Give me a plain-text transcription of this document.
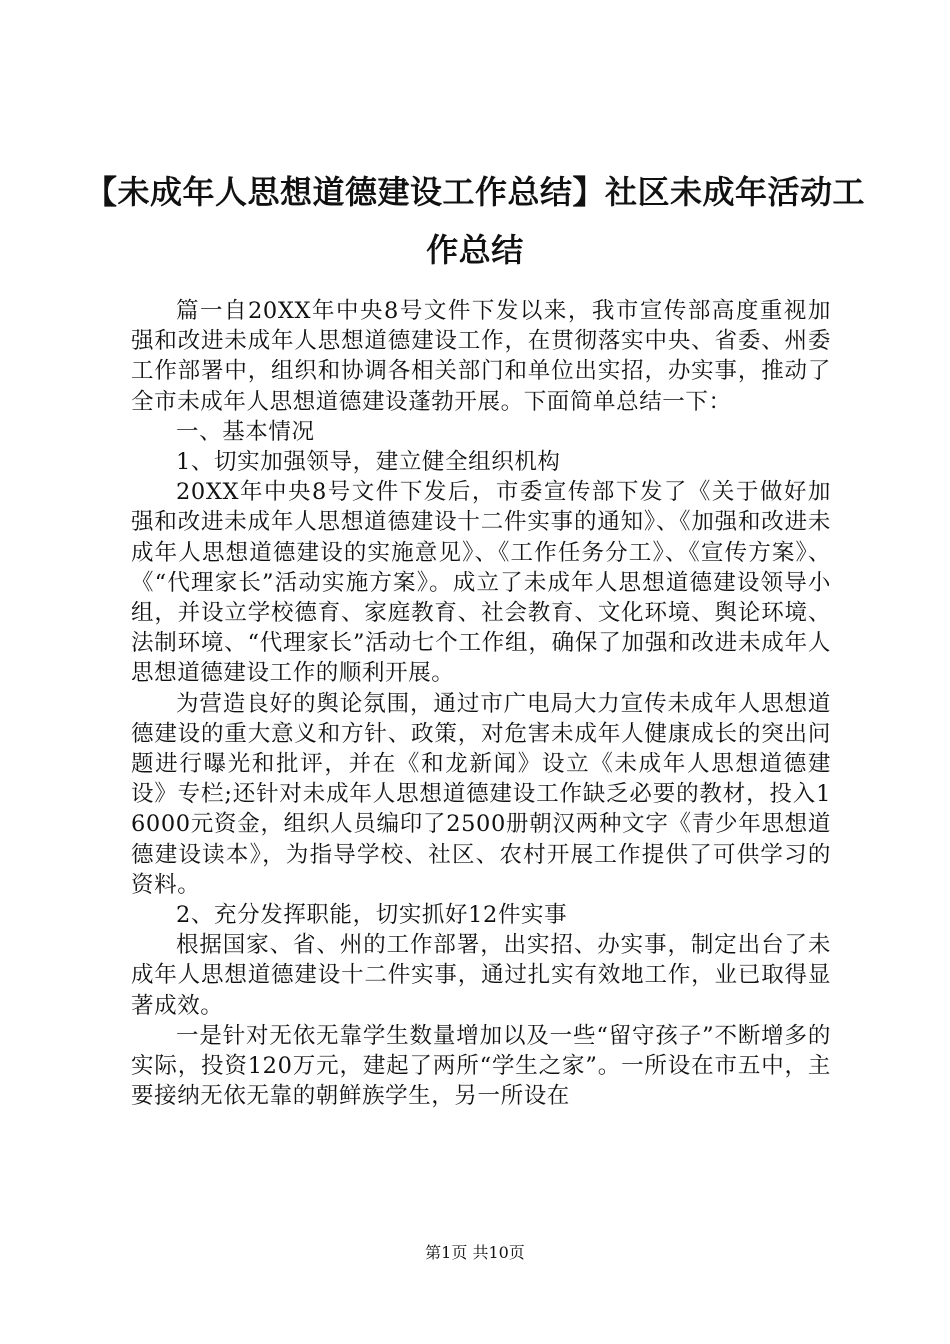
【未成年人思想道德建设工作总结】社区未成年活动工作总结

篇一自20XX年中央8号文件下发以来，我市宣传部高度重视加强和改进未成年人思想道德建设工作，在贯彻落实中央、省委、州委工作部署中，组织和协调各相关部门和单位出实招，办实事，推动了全市未成年人思想道德建设蓬勃开展。下面简单总结一下：

一、基本情况

1、切实加强领导，建立健全组织机构

20XX年中央8号文件下发后，市委宣传部下发了《关于做好加强和改进未成年人思想道德建设十二件实事的通知》、《加强和改进未成年人思想道德建设的实施意见》、《工作任务分工》、《宣传方案》、《“代理家长”活动实施方案》。成立了未成年人思想道德建设领导小组，并设立学校德育、家庭教育、社会教育、文化环境、舆论环境、法制环境、“代理家长”活动七个工作组，确保了加强和改进未成年人思想道德建设工作的顺利开展。

为营造良好的舆论氛围，通过市广电局大力宣传未成年人思想道德建设的重大意义和方针、政策，对危害未成年人健康成长的突出问题进行曝光和批评，并在《和龙新闻》设立《未成年人思想道德建设》专栏;还针对未成年人思想道德建设工作缺乏必要的教材，投入16000元资金，组织人员编印了2500册朝汉两种文字《青少年思想道德建设读本》，为指导学校、社区、农村开展工作提供了可供学习的资料。

2、充分发挥职能，切实抓好12件实事

根据国家、省、州的工作部署，出实招、办实事，制定出台了未成年人思想道德建设十二件实事，通过扎实有效地工作，业已取得显著成效。

一是针对无依无靠学生数量增加以及一些“留守孩子”不断增多的实际，投资120万元，建起了两所“学生之家”。一所设在市五中，主要接纳无依无靠的朝鲜族学生，另一所设在

第1页 共10页
